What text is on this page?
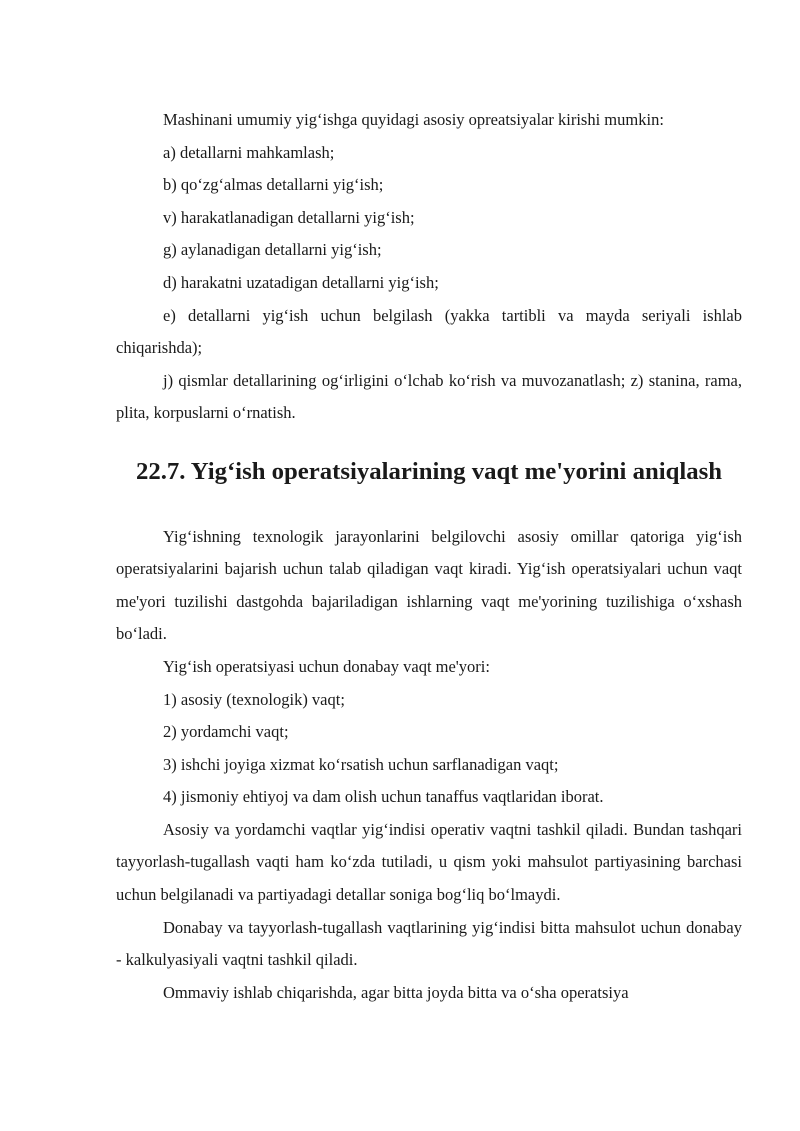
Mashinani umumiy yig‘ishga quyidagi asosiy opreatsiyalar kirishi mumkin:

a) detallarni mahkamlash;

b) qo‘zg‘almas detallarni yig‘ish;

v) harakatlanadigan detallarni yig‘ish;

g) aylanadigan detallarni yig‘ish;

d) harakatni uzatadigan detallarni yig‘ish;

e) detallarni yig‘ish uchun belgilash (yakka tartibli va mayda seriyali ishlab chiqarishda);

j) qismlar detallarining og‘irligini o‘lchab ko‘rish va muvozanatlash; z) stanina, rama, plita, korpuslarni o‘rnatish.

22.7. Yig‘ish operatsiyalarining vaqt me'yorini aniqlash

Yig‘ishning texnologik jarayonlarini belgilovchi asosiy omillar qatoriga yig‘ish operatsiyalarini bajarish uchun talab qiladigan vaqt kiradi. Yig‘ish operatsiyalari uchun vaqt me'yori tuzilishi dastgohda bajariladigan ishlarning vaqt me'yorining tuzilishiga o‘xshash bo‘ladi.

Yig‘ish operatsiyasi uchun donabay vaqt me'yori:

1) asosiy (texnologik) vaqt;

2) yordamchi vaqt;

3) ishchi joyiga xizmat ko‘rsatish uchun sarflanadigan vaqt;

4) jismoniy ehtiyoj va dam olish uchun tanaffus vaqtlaridan iborat.

Asosiy va yordamchi vaqtlar yig‘indisi operativ vaqtni tashkil qiladi. Bundan tashqari tayyorlash-tugallash vaqti ham ko‘zda tutiladi, u qism yoki mahsulot partiyasining barchasi uchun belgilanadi va partiyadagi detallar soniga bog‘liq bo‘lmaydi.

Donabay va tayyorlash-tugallash vaqtlarining yig‘indisi bitta mahsulot uchun donabay - kalkulyasiyali vaqtni tashkil qiladi.

Ommaviy ishlab chiqarishda, agar bitta joyda bitta va o‘sha operatsiya
